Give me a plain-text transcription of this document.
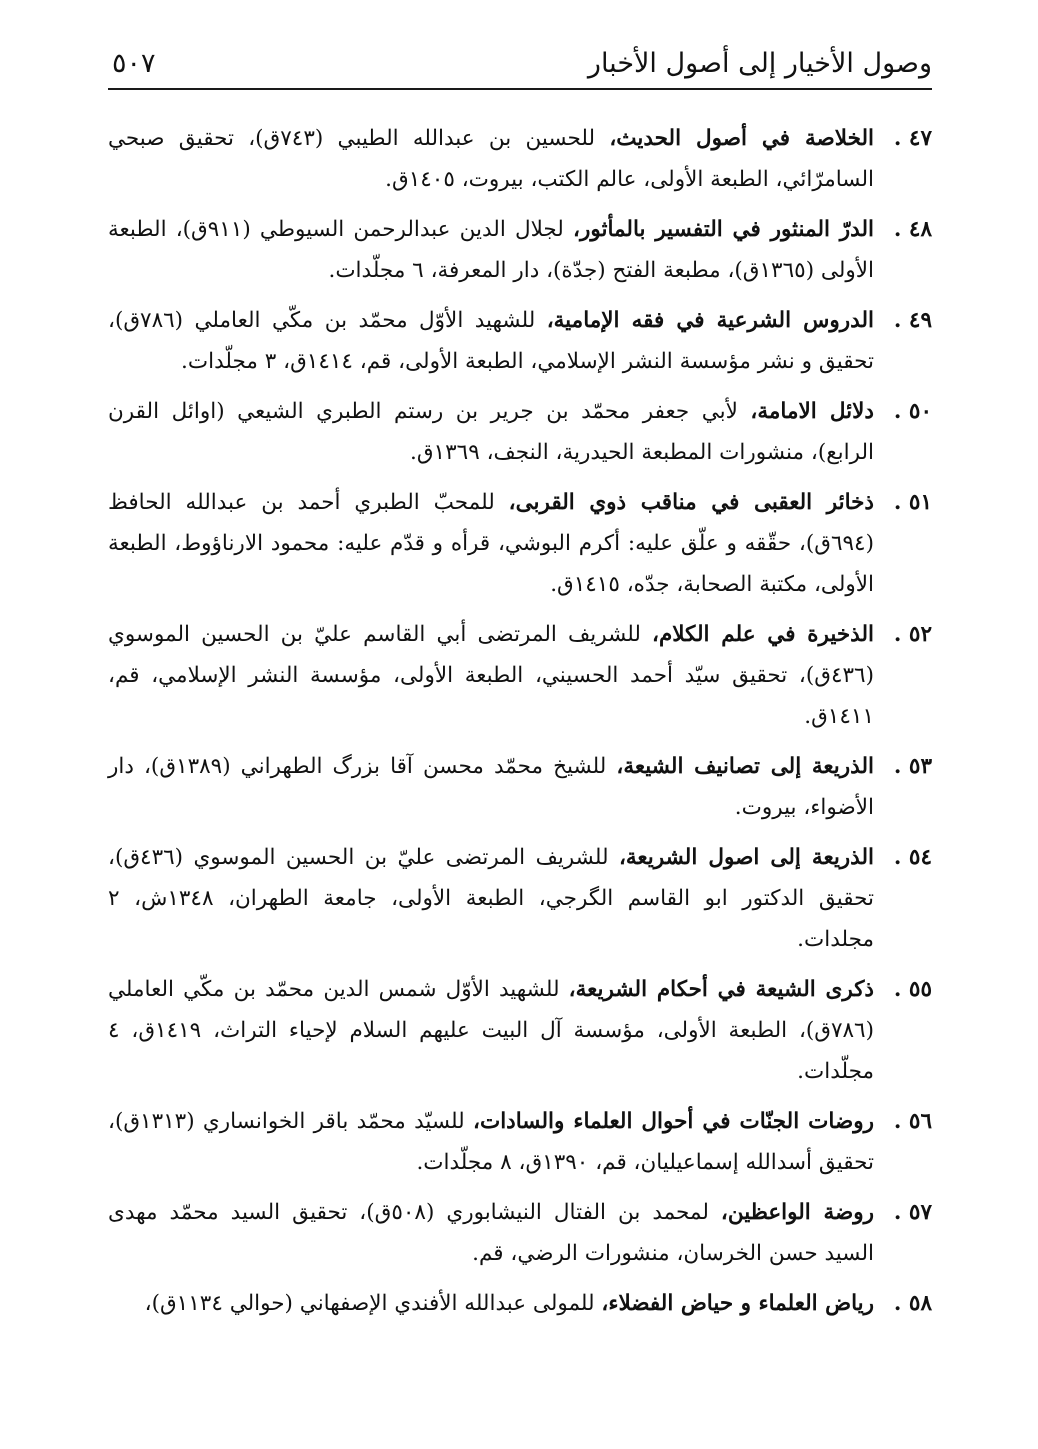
وصول الأخيار إلى أصول الأخبار
٥٠٧
٤٧ .
الخلاصة في أصول الحديث، للحسين بن عبدالله الطيبي (٧٤٣ق)، تحقيق صبحي السامرّائي، الطبعة الأولى، عالم الكتب، بيروت، ١٤٠٥ق.
٤٨ .
الدرّ المنثور في التفسير بالمأثور، لجلال الدين عبدالرحمن السيوطي (٩١١ق)، الطبعة الأولى (١٣٦٥ق)، مطبعة الفتح (جدّة)، دار المعرفة، ٦ مجلّدات.
٤٩ .
الدروس الشرعية في فقه الإمامية، للشهيد الأوّل محمّد بن مكّي العاملي (٧٨٦ق)، تحقيق و نشر مؤسسة النشر الإسلامي، الطبعة الأولى، قم، ١٤١٤ق، ٣ مجلّدات.
٥٠ .
دلائل الامامة، لأبي جعفر محمّد بن جرير بن رستم الطبري الشيعي (اوائل القرن الرابع)، منشورات المطبعة الحيدرية، النجف، ١٣٦٩ق.
٥١ .
ذخائر العقبى في مناقب ذوي القربى، للمحبّ الطبري أحمد بن عبدالله الحافظ (٦٩٤ق)، حقّقه و علّق عليه: أكرم البوشي، قرأه و قدّم عليه: محمود الارناؤوط، الطبعة الأولى، مكتبة الصحابة، جدّه، ١٤١٥ق.
٥٢ .
الذخيرة في علم الكلام، للشريف المرتضى أبي القاسم عليّ بن الحسين الموسوي (٤٣٦ق)، تحقيق سيّد أحمد الحسيني، الطبعة الأولى، مؤسسة النشر الإسلامي، قم، ١٤١١ق.
٥٣ .
الذريعة إلى تصانيف الشيعة، للشيخ محمّد محسن آقا بزرگ الطهراني (١٣٨٩ق)، دار الأضواء، بيروت.
٥٤ .
الذريعة إلى اصول الشريعة، للشريف المرتضى عليّ بن الحسين الموسوي (٤٣٦ق)، تحقيق الدكتور ابو القاسم الگرجي، الطبعة الأولى، جامعة الطهران، ١٣٤٨ش، ٢ مجلدات.
٥٥ .
ذكرى الشيعة في أحكام الشريعة، للشهيد الأوّل شمس الدين محمّد بن مكّي العاملي (٧٨٦ق)، الطبعة الأولى، مؤسسة آل البيت عليهم السلام لإحياء التراث، ١٤١٩ق، ٤ مجلّدات.
٥٦ .
روضات الجنّات في أحوال العلماء والسادات، للسيّد محمّد باقر الخوانساري (١٣١٣ق)، تحقيق أسدالله إسماعيليان، قم، ١٣٩٠ق، ٨ مجلّدات.
٥٧ .
روضة الواعظين، لمحمد بن الفتال النيشابوري (٥٠٨ق)، تحقيق السيد محمّد مهدى السيد حسن الخرسان، منشورات الرضي، قم.
٥٨ .
رياض العلماء و حياض الفضلاء، للمولى عبدالله الأفندي الإصفهاني (حوالي ١١٣٤ق)،
